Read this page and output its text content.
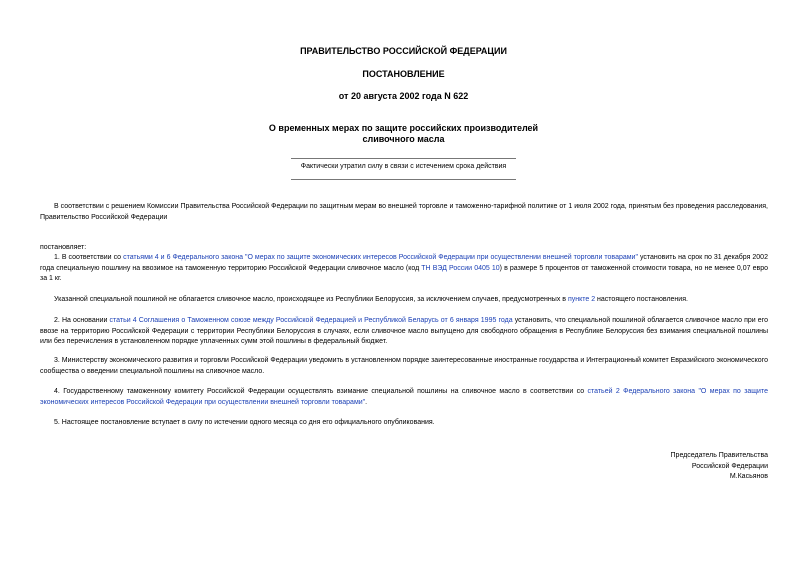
ПРАВИТЕЛЬСТВО РОССИЙСКОЙ ФЕДЕРАЦИИ
ПОСТАНОВЛЕНИЕ
от 20 августа 2002 года N 622
О временных мерах по защите российских производителей
сливочного масла
Фактически утратил силу в связи с истечением срока действия
В соответствии с решением Комиссии Правительства Российской Федерации по защитным мерам во внешней торговле и таможенно-тарифной политике от 1 июля 2002 года, принятым без проведения расследования, Правительство Российской Федерации
постановляет:
1. В соответствии со статьями 4 и 6 Федерального закона "О мерах по защите экономических интересов Российской Федерации при осуществлении внешней торговли товарами" установить на срок по 31 декабря 2002 года специальную пошлину на ввозимое на таможенную территорию Российской Федерации сливочное масло (код ТН ВЭД России 0405 10) в размере 5 процентов от таможенной стоимости товара, но не менее 0,07 евро за 1 кг.
Указанной специальной пошлиной не облагается сливочное масло, происходящее из Республики Белоруссия, за исключением случаев, предусмотренных в пункте 2 настоящего постановления.
2. На основании статьи 4 Соглашения о Таможенном союзе между Российской Федерацией и Республикой Беларусь от 6 января 1995 года установить, что специальной пошлиной облагается сливочное масло при его ввозе на территорию Российской Федерации с территории Республики Белоруссия в случаях, если сливочное масло выпущено для свободного обращения в Республике Белоруссия без взимания специальной пошлины или без перечисления в установленном порядке уплаченных сумм этой пошлины в федеральный бюджет.
3. Министерству экономического развития и торговли Российской Федерации уведомить в установленном порядке заинтересованные иностранные государства и Интеграционный комитет Евразийского экономического сообщества о введении специальной пошлины на сливочное масло.
4. Государственному таможенному комитету Российской Федерации осуществлять взимание специальной пошлины на сливочное масло в соответствии со статьей 2 Федерального закона "О мерах по защите экономических интересов Российской Федерации при осуществлении внешней торговли товарами".
5. Настоящее постановление вступает в силу по истечении одного месяца со дня его официального опубликования.
Председатель Правительства
Российской Федерации
М.Касьянов
